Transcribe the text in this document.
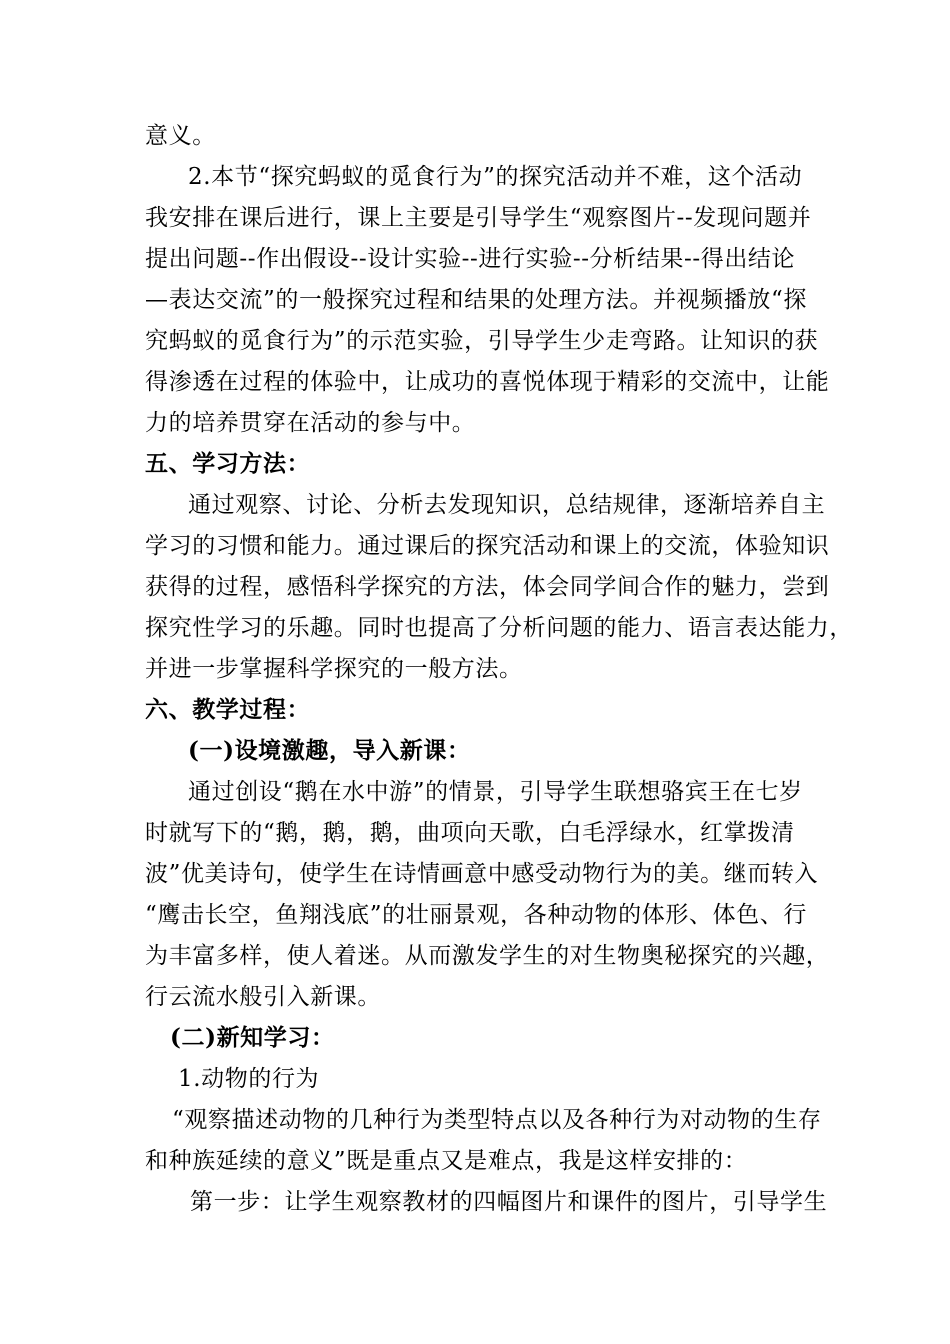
意义。
2.本节“探究蚂蚁的觅食行为”的探究活动并不难，这个活动
我安排在课后进行，课上主要是引导学生“观察图片--发现问题并
提出问题--作出假设--设计实验--进行实验--分析结果--得出结论
—表达交流”的一般探究过程和结果的处理方法。并视频播放“探
究蚂蚁的觅食行为”的示范实验，引导学生少走弯路。让知识的获
得渗透在过程的体验中，让成功的喜悦体现于精彩的交流中，让能
力的培养贯穿在活动的参与中。
五、学习方法：
通过观察、讨论、分析去发现知识，总结规律，逐渐培养自主
学习的习惯和能力。通过课后的探究活动和课上的交流，体验知识
获得的过程，感悟科学探究的方法，体会同学间合作的魅力，尝到
探究性学习的乐趣。同时也提高了分析问题的能力、语言表达能力，
并进一步掌握科学探究的一般方法。
六、教学过程：
(一)设境激趣，导入新课：
通过创设“鹅在水中游”的情景，引导学生联想骆宾王在七岁
时就写下的“鹅，鹅，鹅，曲项向天歌，白毛浮绿水，红掌拨清
波”优美诗句，使学生在诗情画意中感受动物行为的美。继而转入
“鹰击长空，鱼翔浅底”的壮丽景观，各种动物的体形、体色、行
为丰富多样，使人着迷。从而激发学生的对生物奥秘探究的兴趣，
行云流水般引入新课。
(二)新知学习：
1.动物的行为
“观察描述动物的几种行为类型特点以及各种行为对动物的生存
和种族延续的意义”既是重点又是难点，我是这样安排的：
第一步：让学生观察教材的四幅图片和课件的图片，引导学生
